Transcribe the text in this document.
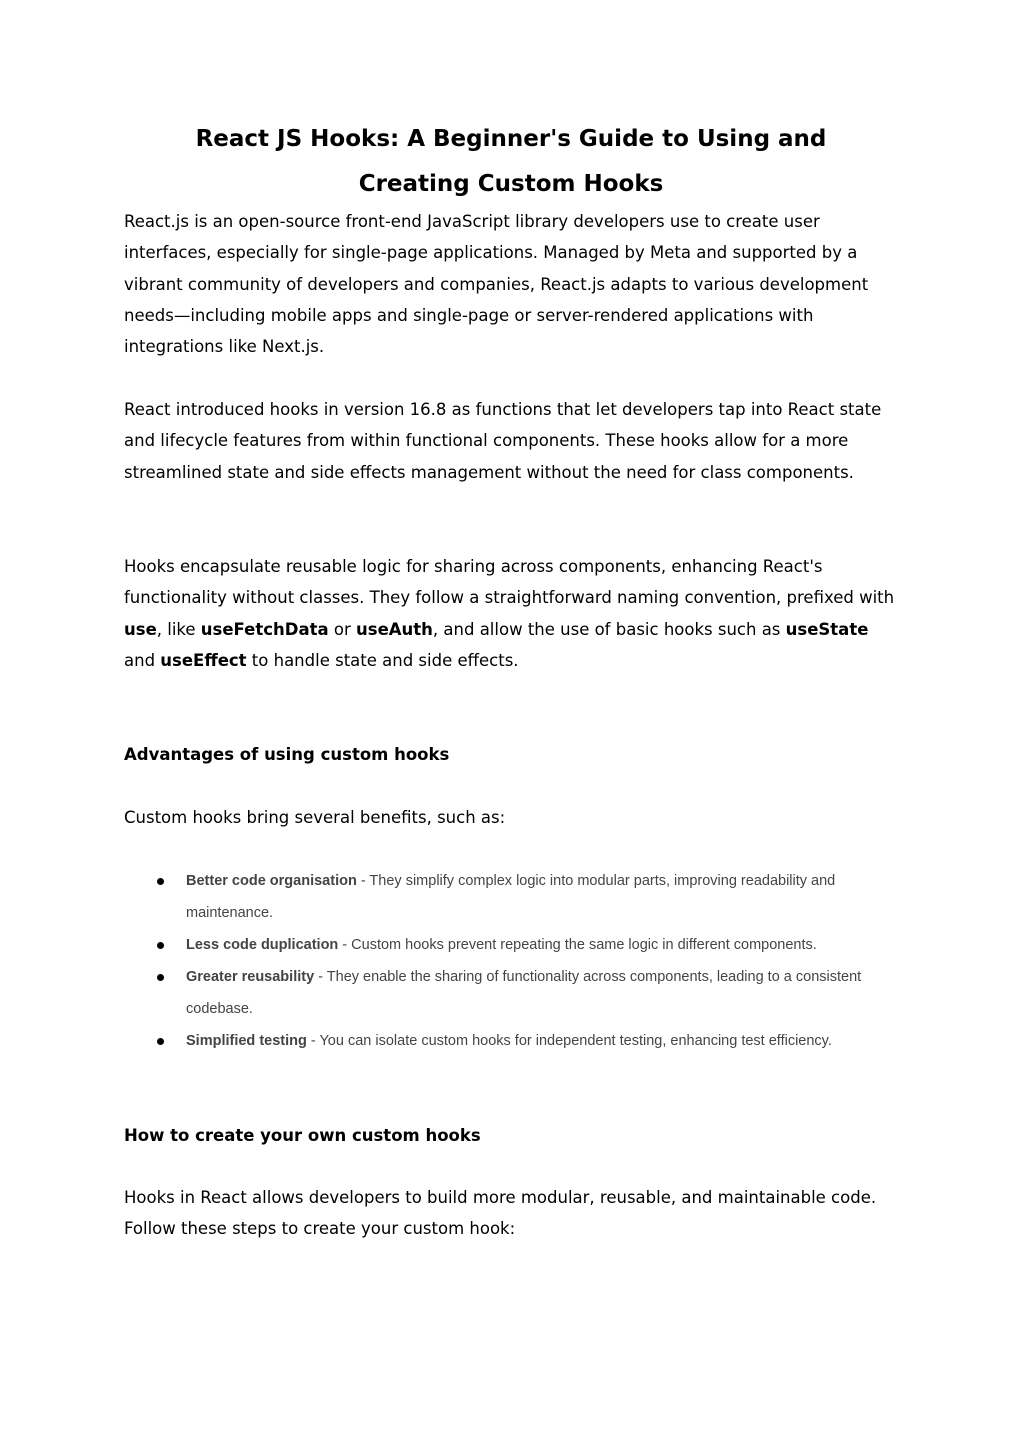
React JS Hooks: A Beginner's Guide to Using and
Creating Custom Hooks

React.js is an open-source front-end JavaScript library developers use to create user interfaces, especially for single-page applications. Managed by Meta and supported by a vibrant community of developers and companies, React.js adapts to various development needs—including mobile apps and single-page or server-rendered applications with integrations like Next.js.

React introduced hooks in version 16.8 as functions that let developers tap into React state and lifecycle features from within functional components. These hooks allow for a more streamlined state and side effects management without the need for class components.

Hooks encapsulate reusable logic for sharing across components, enhancing React's functionality without classes. They follow a straightforward naming convention, prefixed with use, like useFetchData or useAuth, and allow the use of basic hooks such as useState and useEffect to handle state and side effects.

Advantages of using custom hooks

Custom hooks bring several benefits, such as:

Better code organisation - They simplify complex logic into modular parts, improving readability and maintenance.
Less code duplication - Custom hooks prevent repeating the same logic in different components.
Greater reusability - They enable the sharing of functionality across components, leading to a consistent codebase.
Simplified testing - You can isolate custom hooks for independent testing, enhancing test efficiency.
How to create your own custom hooks

Hooks in React allows developers to build more modular, reusable, and maintainable code. Follow these steps to create your custom hook:
